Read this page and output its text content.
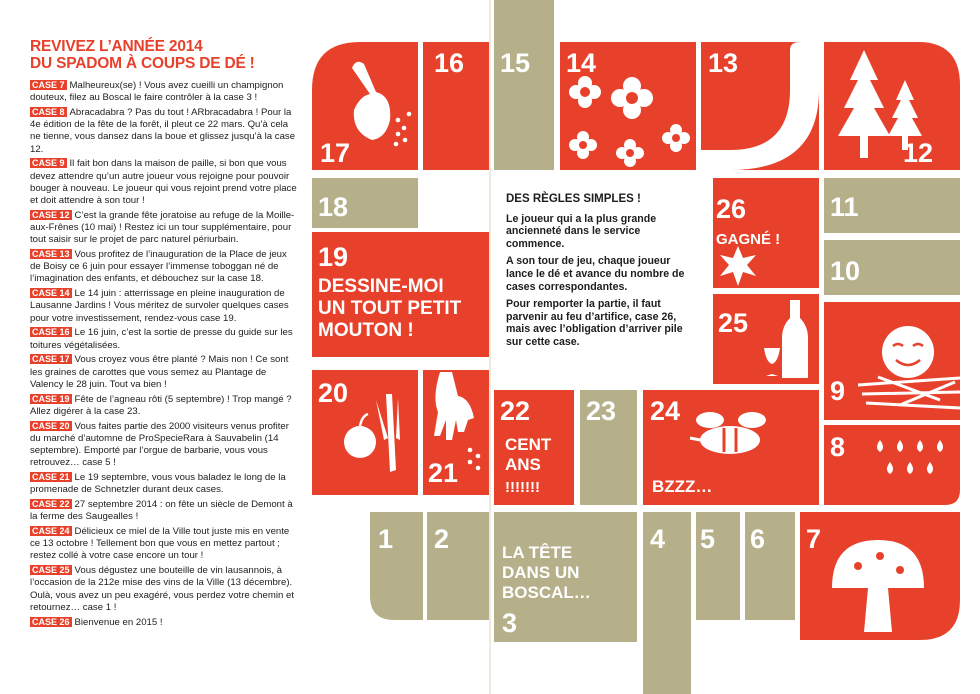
REVIVEZ L’ANNÉE 2014
DU SPADOM À COUPS DE DÉ !
CASE 7 Malheureux(se) ! Vous avez cueilli un champignon douteux, filez au Boscal le faire contrôler à la case 3 !
CASE 8 Abracadabra ? Pas du tout ! ARbracadabra ! Pour la 4e édition de la fête de la forêt, il pleut ce 22 mars. Qu’à cela ne tienne, vous dansez dans la boue et glissez jusqu’à la case 12.
CASE 9 Il fait bon dans la maison de paille, si bon que vous devez attendre qu’un autre joueur vous rejoigne pour pouvoir bouger à nouveau. Le joueur qui vous rejoint prend votre place et doit attendre à son tour !
CASE 12 C’est la grande fête joratoise au refuge de la Moille-aux-Frênes (10 mai) ! Restez ici un tour supplémentaire, pour tout saisir sur le projet de parc naturel périurbain.
CASE 13 Vous profitez de l’inauguration de la Place de jeux de Boisy ce 6 juin pour essayer l’immense toboggan né de l’imagination des enfants, et débouchez sur la case 18.
CASE 14 Le 14 juin : atterrissage en pleine inauguration de Lausanne Jardins ! Vous méritez de survoler quelques cases pour votre investissement, rendez-vous case 19.
CASE 16 Le 16 juin, c’est la sortie de presse du guide sur les toitures végétalisées.
CASE 17 Vous croyez vous être planté ? Mais non ! Ce sont les graines de carottes que vous semez au Plantage de Valency le 28 juin. Tout va bien !
CASE 19 Fête de l’agneau rôti (5 septembre) ! Trop mangé ? Allez digérer à la case 23.
CASE 20 Vous faites partie des 2000 visiteurs venus profiter du marché d’automne de ProSpecieRara à Sauvabelin (14 septembre). Emporté par l’orgue de barbarie, vous vous retrouvez… case 5 !
CASE 21 Le 19 septembre, vous vous baladez le long de la promenade de Schnetzler durant deux cases.
CASE 22 27 septembre 2014 : on fête un siècle de Demont à la ferme des Saugealles !
CASE 24 Délicieux ce miel de la Ville tout juste mis en vente ce 13 octobre ! Tellement bon que vous en mettez partout ; restez collé à votre case encore un tour !
CASE 25 Vous dégustez une bouteille de vin lausannois, à l’occasion de la 212e mise des vins de la Ville (13 décembre). Oulà, vous avez un peu exagéré, vous perdez votre chemin et retournez… case 1 !
CASE 26 Bienvenue en 2015 !
17
16 15 14	13
12
18
19
26	11
10
25
9
20
21
22 23 24
8
1 2
3
4 5 6 7
DESSINE-MOI
UN TOUT PETIT
MOUTON !
CENT
ANS
!!!!!!!	BZZZ…
GAGNÉ !
LA TÊTE
DANS UN
BOSCAL…

DES RÈGLES SIMPLES !

Le joueur qui a la plus grande ancienneté dans le service commence.

A son tour de jeu, chaque joueur lance le dé et avance du nombre de cases correspondantes.

Pour remporter la partie, il faut parvenir au feu d’artifice, case 26, mais avec l’obligation d’arriver pile sur cette case.
